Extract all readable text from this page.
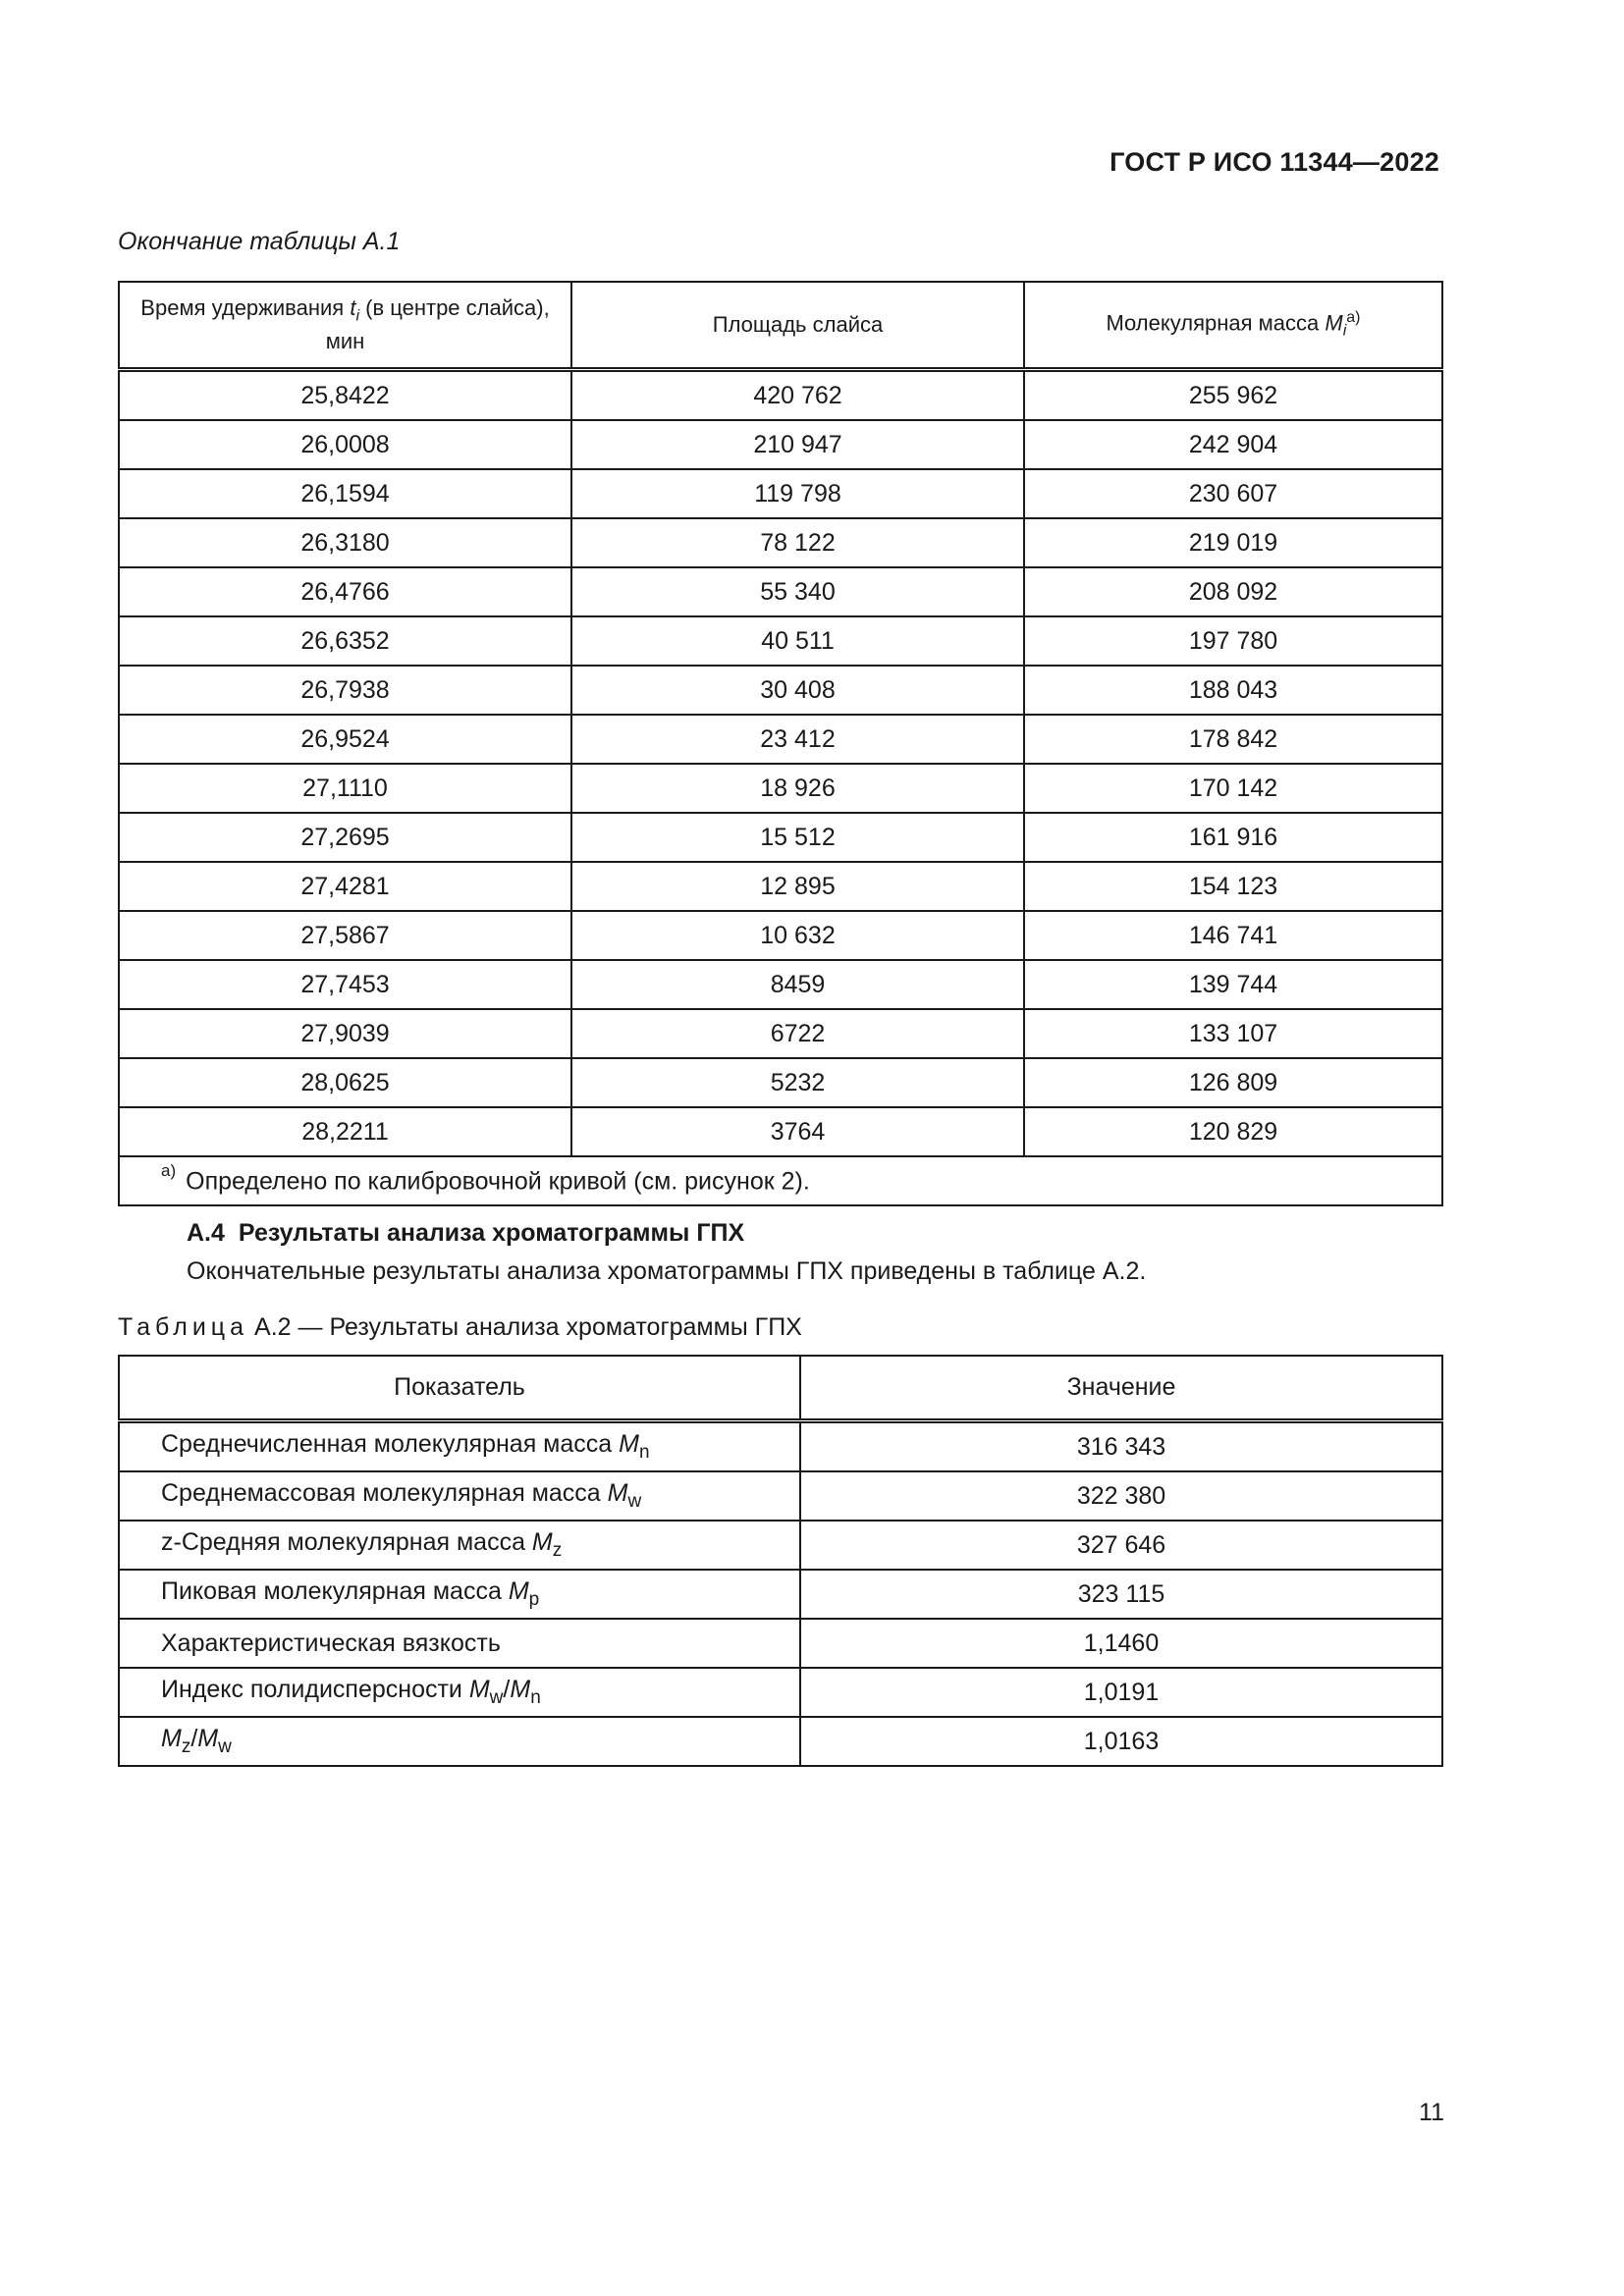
ГОСТ Р ИСО 11344—2022
Окончание таблицы А.1
Время удерживания $t_i$ (в центре слайса),
мин	Площадь слайса	Молекулярная масса $M_i^{a)}$
25,8422	420 762	255 962
26,0008	210 947	242 904
26,1594	119 798	230 607
26,3180	78 122	219 019
26,4766	55 340	208 092
26,6352	40 511	197 780
26,7938	30 408	188 043
26,9524	23 412	178 842
27,1110	18 926	170 142
27,2695	15 512	161 916
27,4281	12 895	154 123
27,5867	10 632	146 741
27,7453	8459	139 744
27,9039	6722	133 107
28,0625	5232	126 809
28,2211	3764	120 829
$^{a)}$ Определено по калибровочной кривой (см. рисунок 2).		
А.4 Результаты анализа хроматограммы ГПХ
Окончательные результаты анализа хроматограммы ГПХ приведены в таблице А.2.
Таблица А.2 — Результаты анализа хроматограммы ГПХ
Показатель	Значение
Среднечисленная молекулярная масса $M_n$	316 343
Среднемассовая молекулярная масса $M_w$	322 380
z-Средняя молекулярная масса $M_z$	327 646
Пиковая молекулярная масса $M_p$	323 115
Характеристическая вязкость	1,1460
Индекс полидисперсности $M_w/M_n$	1,0191
$M_z/M_w$	1,0163
11
